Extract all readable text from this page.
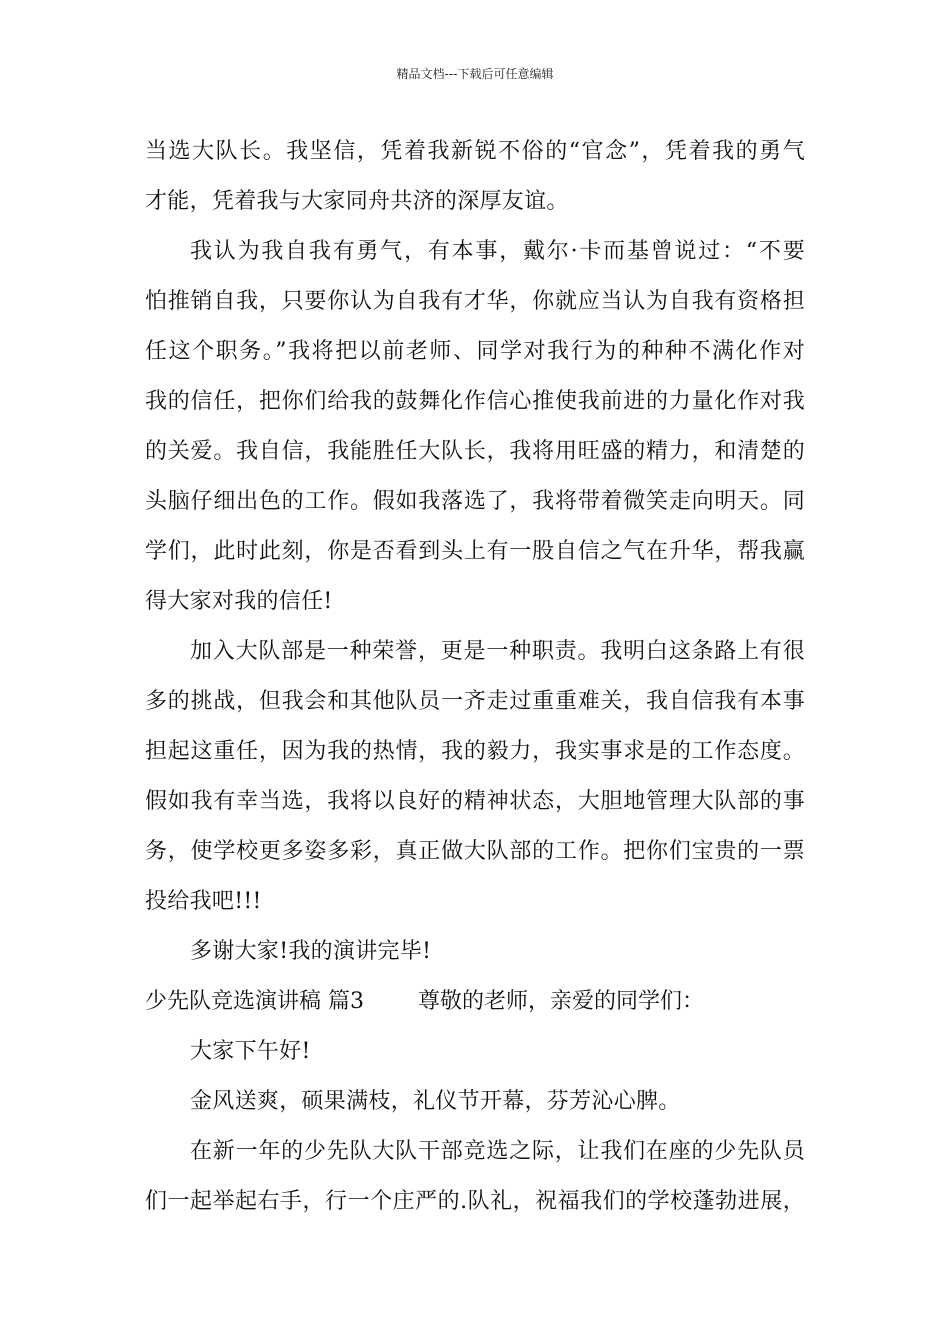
精品文档---下载后可任意编辑
当选大队长。我坚信，凭着我新锐不俗的“官念”，凭着我的勇气
才能，凭着我与大家同舟共济的深厚友谊。
我认为我自我有勇气，有本事，戴尔·卡而基曾说过：“不要
怕推销自我，只要你认为自我有才华，你就应当认为自我有资格担
任这个职务。”我将把以前老师、同学对我行为的种种不满化作对
我的信任，把你们给我的鼓舞化作信心推使我前进的力量化作对我
的关爱。我自信，我能胜任大队长，我将用旺盛的精力，和清楚的
头脑仔细出色的工作。假如我落选了，我将带着微笑走向明天。同
学们，此时此刻，你是否看到头上有一股自信之气在升华，帮我赢
得大家对我的信任!
加入大队部是一种荣誉，更是一种职责。我明白这条路上有很
多的挑战，但我会和其他队员一齐走过重重难关，我自信我有本事
担起这重任，因为我的热情，我的毅力，我实事求是的工作态度。
假如我有幸当选，我将以良好的精神状态，大胆地管理大队部的事
务，使学校更多姿多彩，真正做大队部的工作。把你们宝贵的一票
投给我吧!!!
多谢大家!我的演讲完毕!
少先队竞选演讲稿 篇3 尊敬的老师，亲爱的同学们：
大家下午好!
金风送爽，硕果满枝，礼仪节开幕，芬芳沁心脾。
在新一年的少先队大队干部竞选之际，让我们在座的少先队员
们一起举起右手，行一个庄严的.队礼，祝福我们的学校蓬勃进展，
